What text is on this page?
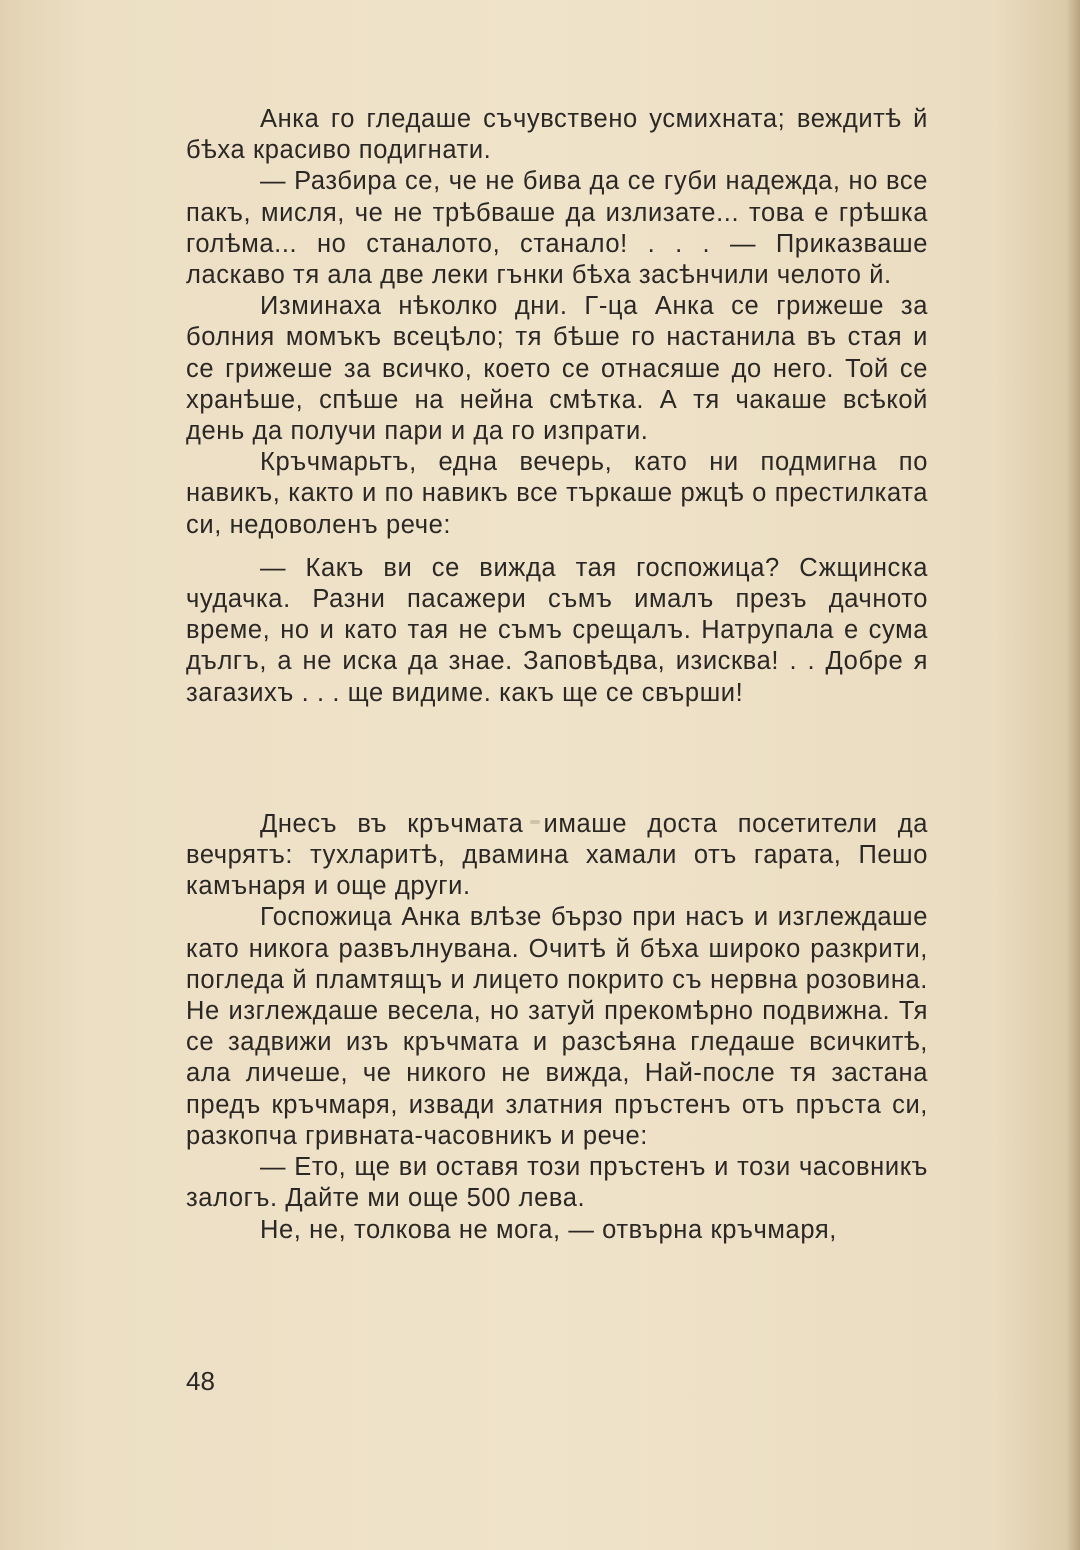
Анка го гледаше съчувствено усмихната; веждитѣ й бѣха красиво подигнати.

— Разбира се, че не бива да се губи надежда, но все пакъ, мисля, че не трѣбваше да излизате... това е грѣшка голѣма... но станалото, станало! . . . — Приказваше ласкаво тя ала две леки гънки бѣха засѣнчили челото й.

Изминаха нѣколко дни. Г-ца Анка се грижеше за болния момъкъ всецѣло; тя бѣше го настанила въ стая и се грижеше за всичко, което се отнасяше до него. Той се хранѣше, спѣше на нейна смѣтка. А тя чакаше всѣкой день да получи пари и да го изпрати.

Кръчмарьтъ, една вечерь, като ни подмигна по навикъ, както и по навикъ все търкаше ржцѣ о престилката си, недоволенъ рече:

— Какъ ви се вижда тая госпожица? Сжщинска чудачка. Разни пасажери съмъ ималъ презъ дачното време, но и като тая не съмъ срещалъ. Натрупала е сума дългъ, а не иска да знае. Заповѣдва, изисква! . . Добре я загазихъ . . . ще видиме. какъ ще се свърши!

Днесъ въ кръчмата имаше доста посетители да вечрятъ: тухларитѣ, двамина хамали отъ гарата, Пешо камънаря и още други.

Госпожица Анка влѣзе бързо при насъ и изглеждаше като никога развълнувана. Очитѣ й бѣха широко разкрити, погледа й пламтящъ и лицето покрито съ нервна розовина. Не изглеждаше весела, но затуй прекомѣрно подвижна. Тя се задвижи изъ кръчмата и разсѣяна гледаше всичкитѣ, ала личеше, че никого не вижда, Най-после тя застана предъ кръчмаря, извади златния пръстенъ отъ пръста си, разкопча гривната-часовникъ и рече:

— Ето, ще ви оставя този пръстенъ и този часовникъ залогъ. Дайте ми още 500 лева.

Не, не, толкова не мога, — отвърна кръчмаря,

48
